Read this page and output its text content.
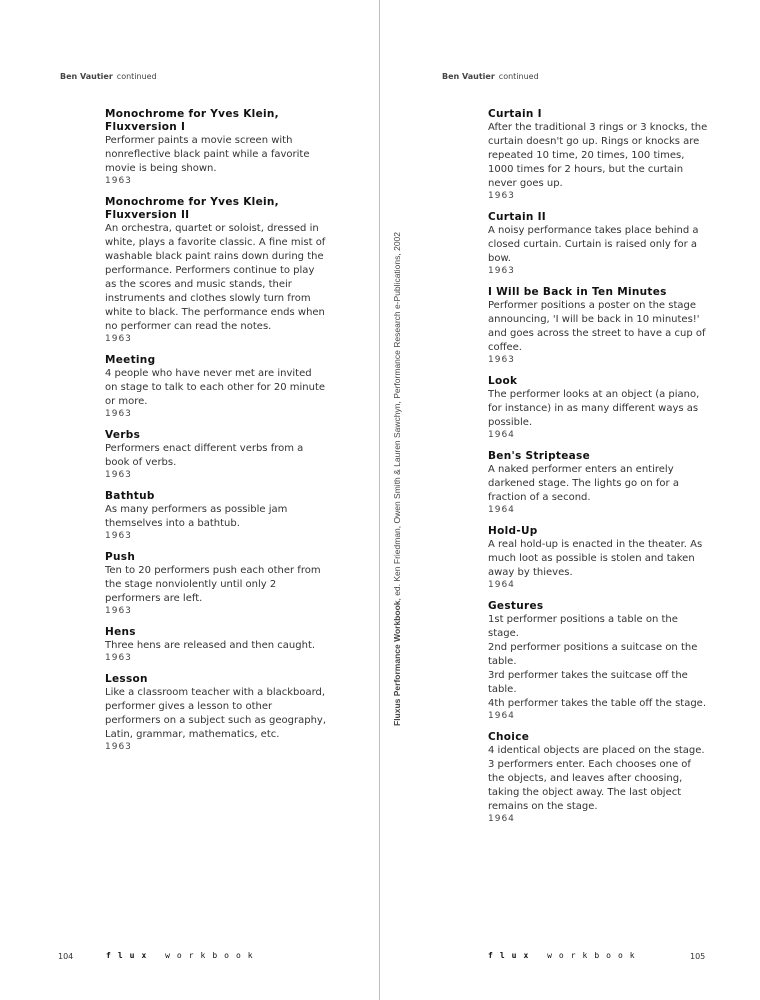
Ben Vautier continued	Ben Vautier continued
Monochrome for Yves Klein, Fluxversion I
Performer paints a movie screen with nonreflective black paint while a favorite movie is being shown.
1963
Monochrome for Yves Klein, Fluxversion II
An orchestra, quartet or soloist, dressed in white, plays a favorite classic. A fine mist of washable black paint rains down during the performance. Performers continue to play as the scores and music stands, their instruments and clothes slowly turn from white to black. The performance ends when no performer can read the notes.
1963
Meeting
4 people who have never met are invited on stage to talk to each other for 20 minute or more.
1963
Verbs
Performers enact different verbs from a book of verbs.
1963
Bathtub
As many performers as possible jam themselves into a bathtub.
1963
Push
Ten to 20 performers push each other from the stage nonviolently until only 2 performers are left.
1963
Hens
Three hens are released and then caught.
1963
Lesson
Like a classroom teacher with a blackboard, performer gives a lesson to other performers on a subject such as geography, Latin, grammar, mathematics, etc.
1963
Curtain I
After the traditional 3 rings or 3 knocks, the curtain doesn't go up. Rings or knocks are repeated 10 time, 20 times, 100 times, 1000 times for 2 hours, but the curtain never goes up.
1963
Curtain II
A noisy performance takes place behind a closed curtain. Curtain is raised only for a bow.
1963
I Will be Back in Ten Minutes
Performer positions a poster on the stage announcing, 'I will be back in 10 minutes!' and goes across the street to have a cup of coffee.
1963
Look
The performer looks at an object (a piano, for instance) in as many different ways as possible.
1964
Ben's Striptease
A naked performer enters an entirely darkened stage. The lights go on for a fraction of a second.
1964
Hold-Up
A real hold-up is enacted in the theater. As much loot as possible is stolen and taken away by thieves.
1964
Gestures
1st performer positions a table on the stage.
2nd performer positions a suitcase on the table.
3rd performer takes the suitcase off the table.
4th performer takes the table off the stage.
1964
Choice
4 identical objects are placed on the stage. 3 performers enter. Each chooses one of the objects, and leaves after choosing, taking the object away. The last object remains on the stage.
1964
Fluxus Performance Workbook, ed. Ken Friedman, Owen Smith & Lauren Sawchyn, Performance Research e-Publications, 2002
104	flux workbook	flux workbook	105
